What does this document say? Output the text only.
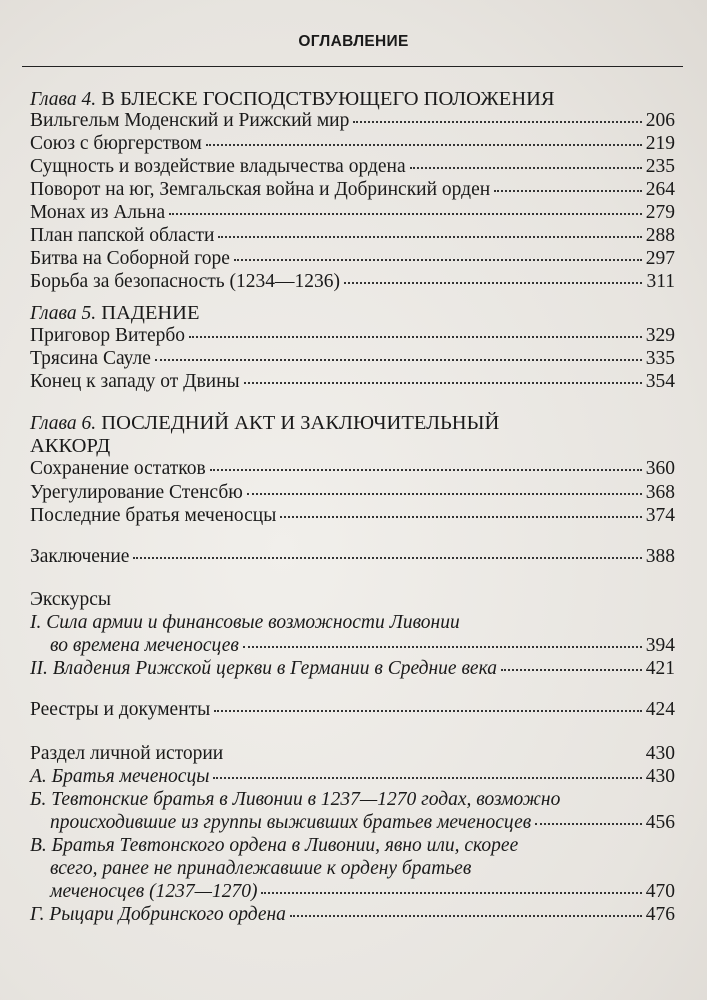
ОГЛАВЛЕНИЕ
Глава 4. В БЛЕСКЕ ГОСПОДСТВУЮЩЕГО ПОЛОЖЕНИЯ
Вильгельм Моденский и Рижский мир	206
Союз с бюргерством	219
Сущность и воздействие владычества ордена	235
Поворот на юг, Земгальская война и Добринский орден	264
Монах из Альна	279
План папской области	288
Битва на Соборной горе	297
Борьба за безопасность (1234—1236)	311
Глава 5. ПАДЕНИЕ
Приговор Витербо	329
Трясина Сауле	335
Конец к западу от Двины	354
Глава 6. ПОСЛЕДНИЙ АКТ И ЗАКЛЮЧИТЕЛЬНЫЙ
АККОРД
Сохранение остатков	360
Урегулирование Стенсбю	368
Последние братья меченосцы	374
Заключение	388
Экскурсы
I. Сила армии и финансовые возможности Ливонии
во времена меченосцев	394
II. Владения Рижской церкви в Германии в Средние века	421
Реестры и документы	424
Раздел личной истории	430
А. Братья меченосцы	430
Б. Тевтонские братья в Ливонии в 1237—1270 годах, возможно
происходившие из группы выживших братьев меченосцев	456
В. Братья Тевтонского ордена в Ливонии, явно или, скорее
всего, ранее не принадлежавшие к ордену братьев
меченосцев (1237—1270)	470
Г. Рыцари Добринского ордена	476
